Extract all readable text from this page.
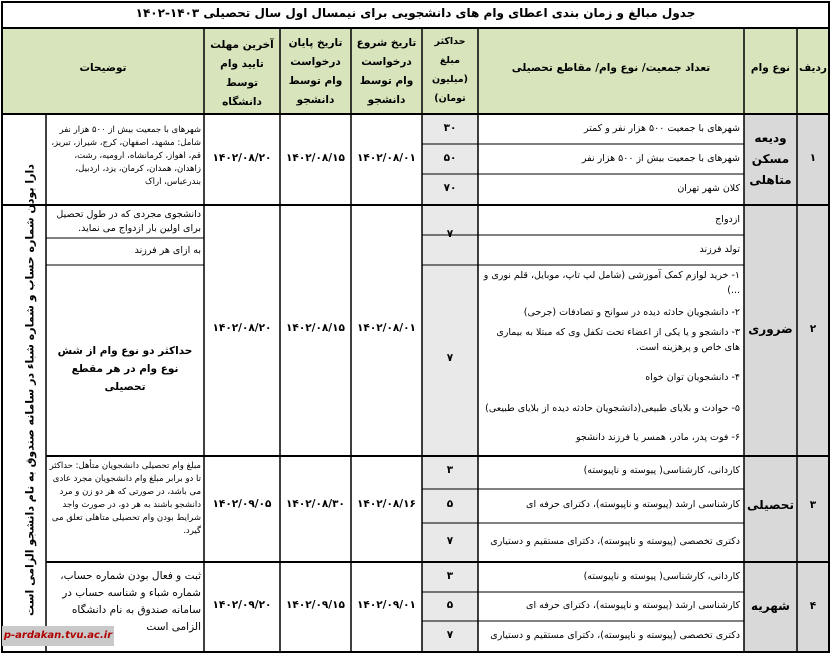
جدول مبالغ و زمان بندی اعطای وام های دانشجویی برای نیمسال اول سال تحصیلی ۱۴۰۳-۱۴۰۲
ردیف
نوع وام
تعداد جمعیت/ نوع وام/ مقاطع تحصیلی
حداکثر مبلغ (میلیون تومان)
تاریخ شروع درخواست وام توسط دانشجو
تاریخ پایان درخواست وام توسط دانشجو
آخرین مهلت تایید وام توسط دانشگاه
توضیحات
دارا بودن شماره حساب و شماره شباء در سامانه صندوق به نام دانشجو الزامی است
۱
ودیعه مسکن متاهلی
شهرهای با جمعیت ۵۰۰ هزار نفر و کمتر
شهرهای با جمعیت بیش از ۵۰۰ هزار نفر
کلان شهر تهران
۳۰
۵۰
۷۰
۱۴۰۲/۰۸/۰۱
۱۴۰۲/۰۸/۱۵
۱۴۰۲/۰۸/۲۰
شهرهای با جمعیت بیش از ۵۰۰ هزار نفر شامل: مشهد، اصفهان، کرج، شیراز، تبریز، قم، اهواز، کرمانشاه، ارومیه، رشت، زاهدان، همدان، کرمان، یزد، اردبیل، بندرعباس، اراک
۲
ضروری
ازدواج
تولد فرزند
۱- خرید لوازم کمک آموزشی (شامل لپ تاپ، موبایل، قلم نوری و ...)
۲- دانشجویان حادثه دیده در سوانح و تصادفات (جرحی)
۳- دانشجو و یا یکی از اعضاء تحت تکفل وی که مبتلا به بیماری های خاص و پرهزینه است.
۴- دانشجویان توان خواه
۵- حوادث و بلایای طبیعی(دانشجویان حادثه دیده از بلایای طبیعی)
۶- فوت پدر، مادر، همسر یا فرزند دانشجو
۷
۷
۱۴۰۲/۰۸/۰۱
۱۴۰۲/۰۸/۱۵
۱۴۰۲/۰۸/۲۰
دانشجوی مجردی که در طول تحصیل برای اولین بار ازدواج می نماید.
به ازای هر فرزند
حداکثر دو نوع وام از شش نوع وام در هر مقطع تحصیلی
۳
تحصیلی
کاردانی، کارشناسی( پیوسته و ناپیوسته)
کارشناسی ارشد (پیوسته و ناپیوسته)، دکترای حرفه ای
دکتری تخصصی (پیوسته و ناپیوسته)، دکترای مستقیم و دستیاری
۳
۵
۷
۱۴۰۲/۰۸/۱۶
۱۴۰۲/۰۸/۳۰
۱۴۰۲/۰۹/۰۵
مبلغ وام تحصیلی دانشجویان متأهل: حداکثر تا دو برابر مبلغ وام دانشجویان مجرد عادی می باشد، در صورتی که هر دو زن و مرد دانشجو باشند به هر دو، در صورت واجد شرایط بودن وام تحصیلی متاهلی تعلق می گیرد.
۴
شهریه
کاردانی، کارشناسی( پیوسته و ناپیوسته)
کارشناسی ارشد (پیوسته و ناپیوسته)، دکترای حرفه ای
دکتری تخصصی (پیوسته و ناپیوسته)، دکترای مستقیم و دستیاری
۳
۵
۷
۱۴۰۲/۰۹/۰۱
۱۴۰۲/۰۹/۱۵
۱۴۰۲/۰۹/۲۰
ثبت و فعال بودن شماره حساب، شماره شباء و شناسه حساب در سامانه صندوق به نام دانشگاه الزامی است
p-ardakan.tvu.ac.ir
